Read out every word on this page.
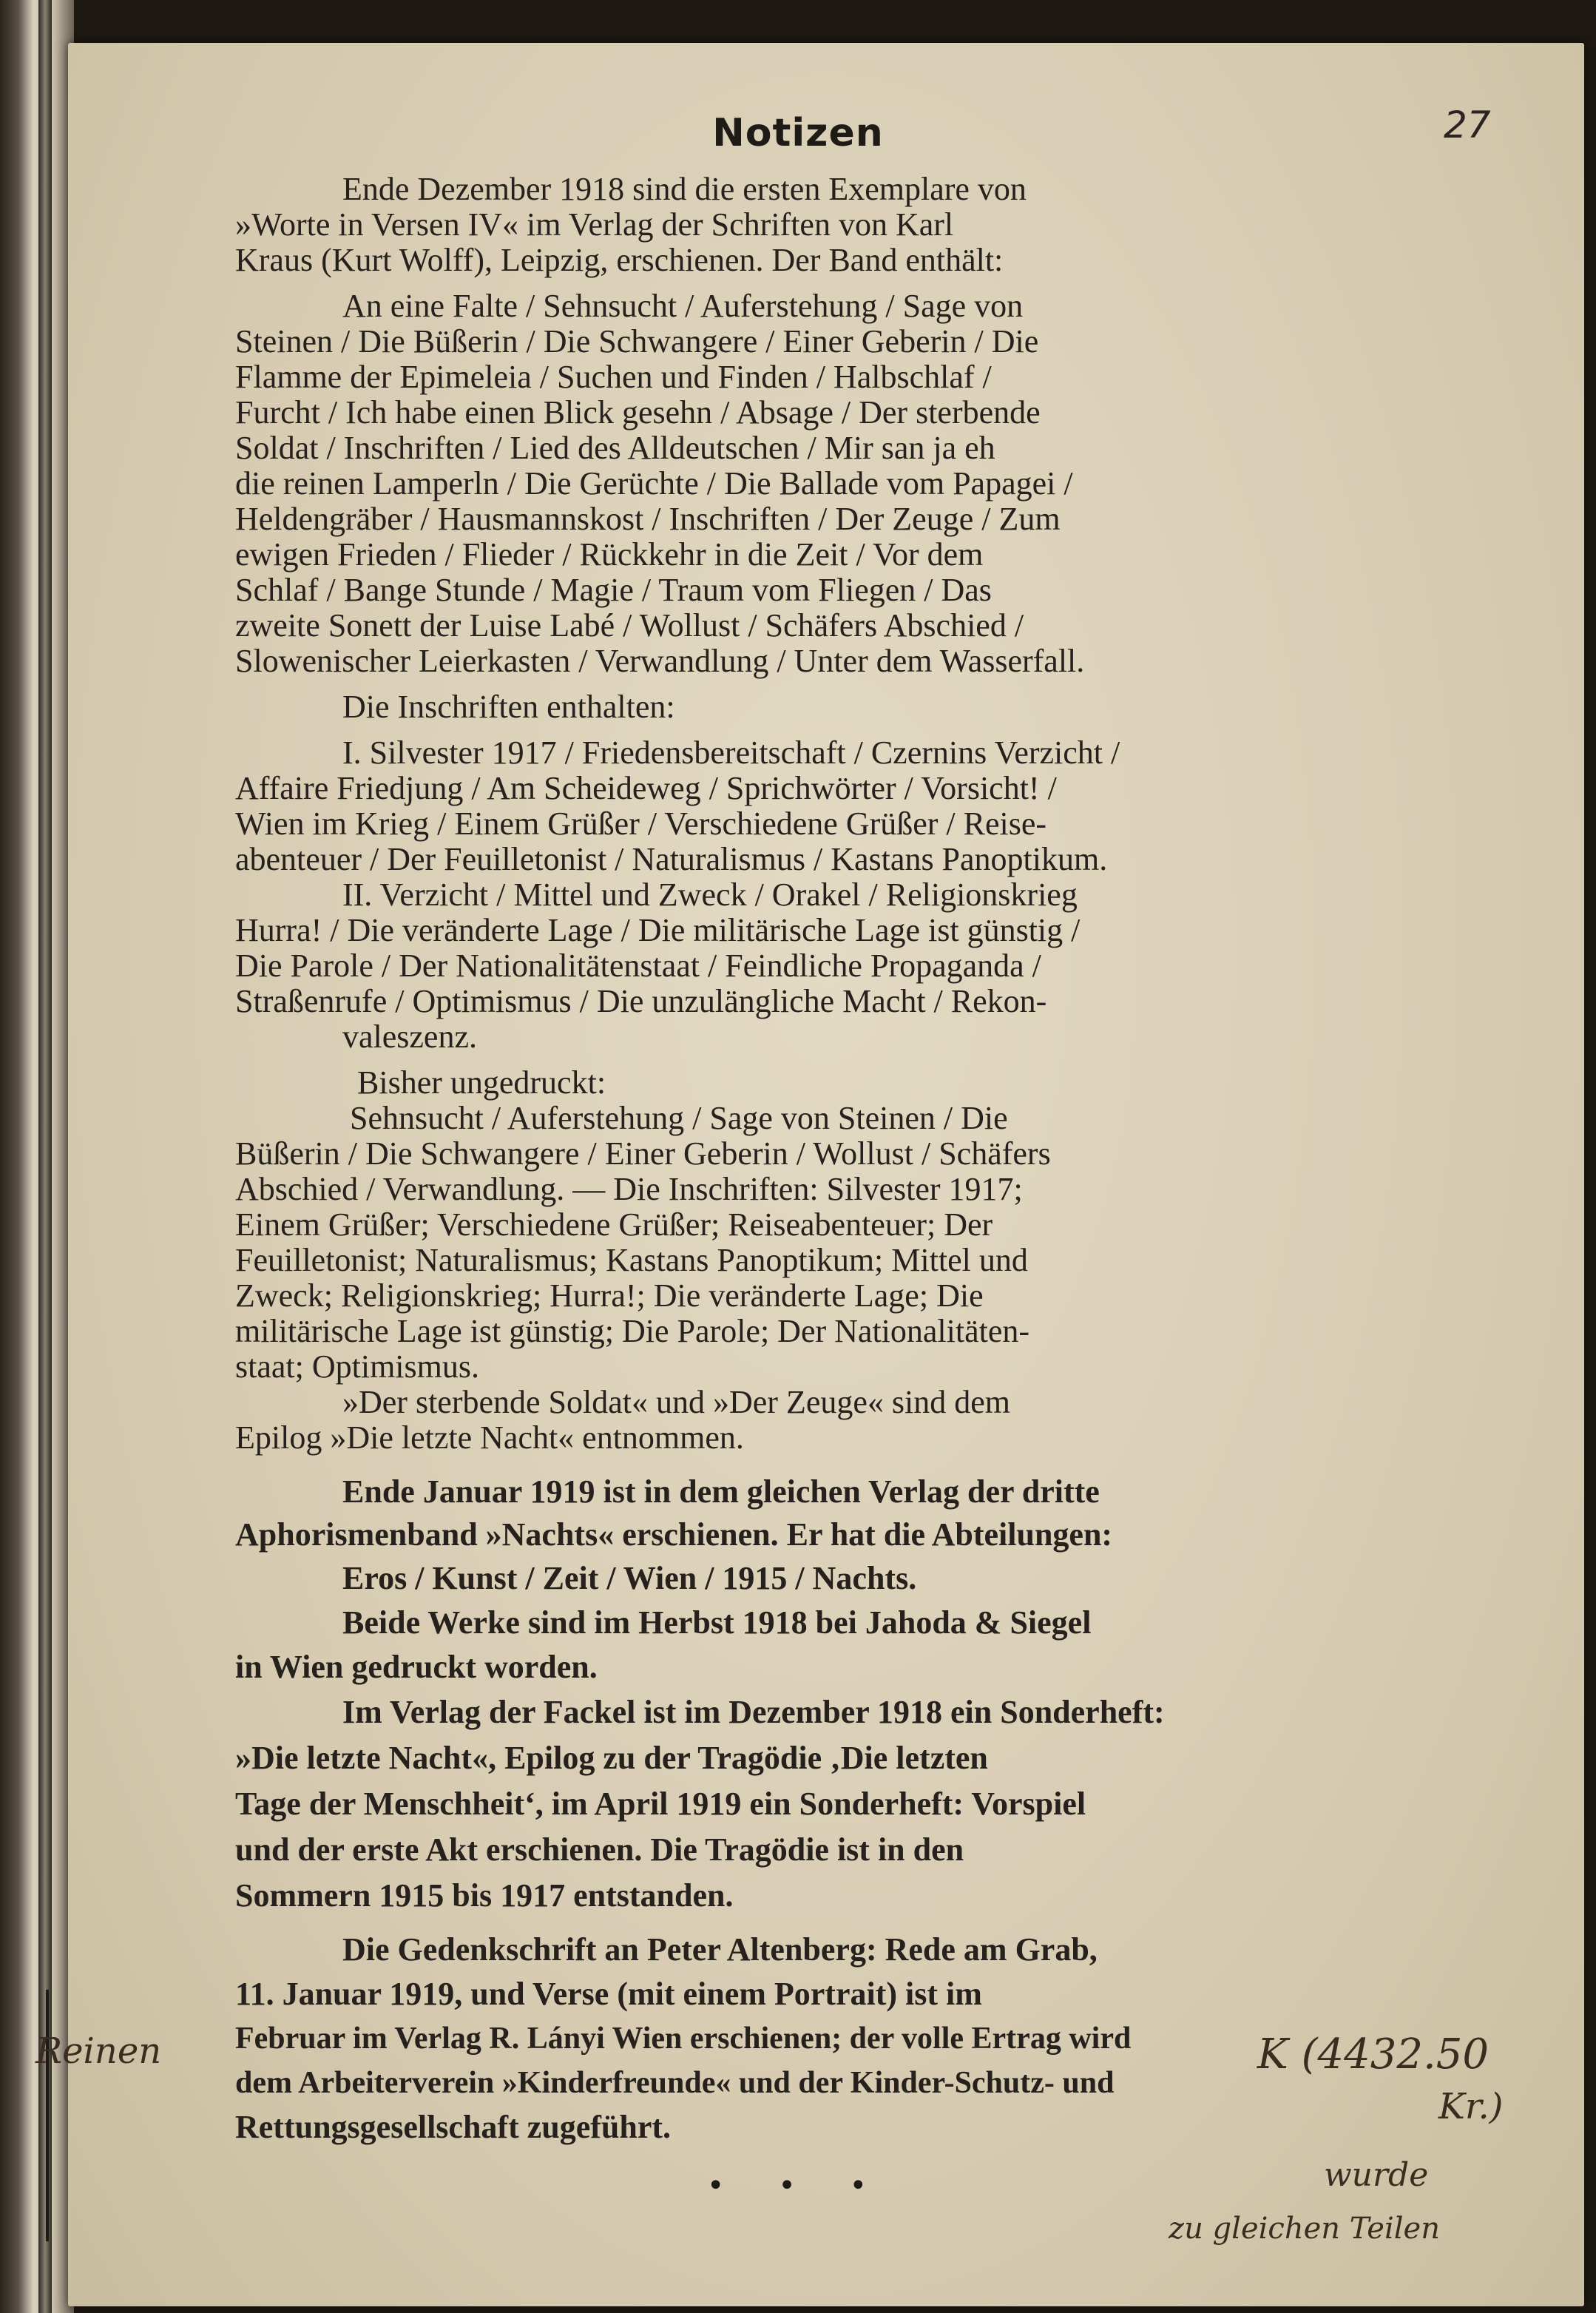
27
Notizen

Ende Dezember 1918 sind die ersten Exemplare von
»Worte in Versen IV« im Verlag der Schriften von Karl
Kraus (Kurt Wolff), Leipzig, erschienen. Der Band enthält:

An eine Falte / Sehnsucht / Auferstehung / Sage von
Steinen / Die Büßerin / Die Schwangere / Einer Geberin / Die
Flamme der Epimeleia / Suchen und Finden / Halbschlaf /
Furcht / Ich habe einen Blick gesehn / Absage / Der sterbende
Soldat / Inschriften / Lied des Alldeutschen / Mir san ja eh
die reinen Lamperln / Die Gerüchte / Die Ballade vom Papagei /
Heldengräber / Hausmannskost / Inschriften / Der Zeuge / Zum
ewigen Frieden / Flieder / Rückkehr in die Zeit / Vor dem
Schlaf / Bange Stunde / Magie / Traum vom Fliegen / Das
zweite Sonett der Luise Labé / Wollust / Schäfers Abschied /
Slowenischer Leierkasten / Verwandlung / Unter dem Wasserfall.

Die Inschriften enthalten:

I. Silvester 1917 / Friedensbereitschaft / Czernins Verzicht /
Affaire Friedjung / Am Scheideweg / Sprichwörter / Vorsicht! /
Wien im Krieg / Einem Grüßer / Verschiedene Grüßer / Reise-
abenteuer / Der Feuilletonist / Naturalismus / Kastans Panoptikum.

II. Verzicht / Mittel und Zweck / Orakel / Religionskrieg
Hurra! / Die veränderte Lage / Die militärische Lage ist günstig /
Die Parole / Der Nationalitätenstaat / Feindliche Propaganda /
Straßenrufe / Optimismus / Die unzulängliche Macht / Rekon-
valeszenz.

Bisher ungedruckt:

Sehnsucht / Auferstehung / Sage von Steinen / Die
Büßerin / Die Schwangere / Einer Geberin / Wollust / Schäfers
Abschied / Verwandlung. — Die Inschriften: Silvester 1917;
Einem Grüßer; Verschiedene Grüßer; Reiseabenteuer; Der
Feuilletonist; Naturalismus; Kastans Panoptikum; Mittel und
Zweck; Religionskrieg; Hurra!; Die veränderte Lage; Die
militärische Lage ist günstig; Die Parole; Der Nationalitäten-
staat; Optimismus.

»Der sterbende Soldat« und »Der Zeuge« sind dem
Epilog »Die letzte Nacht« entnommen.

Ende Januar 1919 ist in dem gleichen Verlag der dritte
Aphorismenband »Nachts« erschienen. Er hat die Abteilungen:

Eros / Kunst / Zeit / Wien / 1915 / Nachts.

Beide Werke sind im Herbst 1918 bei Jahoda & Siegel
in Wien gedruckt worden.

Im Verlag der Fackel ist im Dezember 1918 ein Sonderheft:
»Die letzte Nacht«, Epilog zu der Tragödie ‚Die letzten
Tage der Menschheit‘, im April 1919 ein Sonderheft: Vorspiel
und der erste Akt erschienen. Die Tragödie ist in den
Sommern 1915 bis 1917 entstanden.

Die Gedenkschrift an Peter Altenberg: Rede am Grab,
11. Januar 1919, und Verse (mit einem Portrait) ist im
Februar im Verlag R. Lányi Wien erschienen; der volle Ertrag wird
dem Arbeiterverein »Kinderfreunde« und der Kinder-Schutz- und
Rettungsgesellschaft zugeführt.

• • •
Reinen	K (4432.50
Kr.)
wurde
zu gleichen Teilen
